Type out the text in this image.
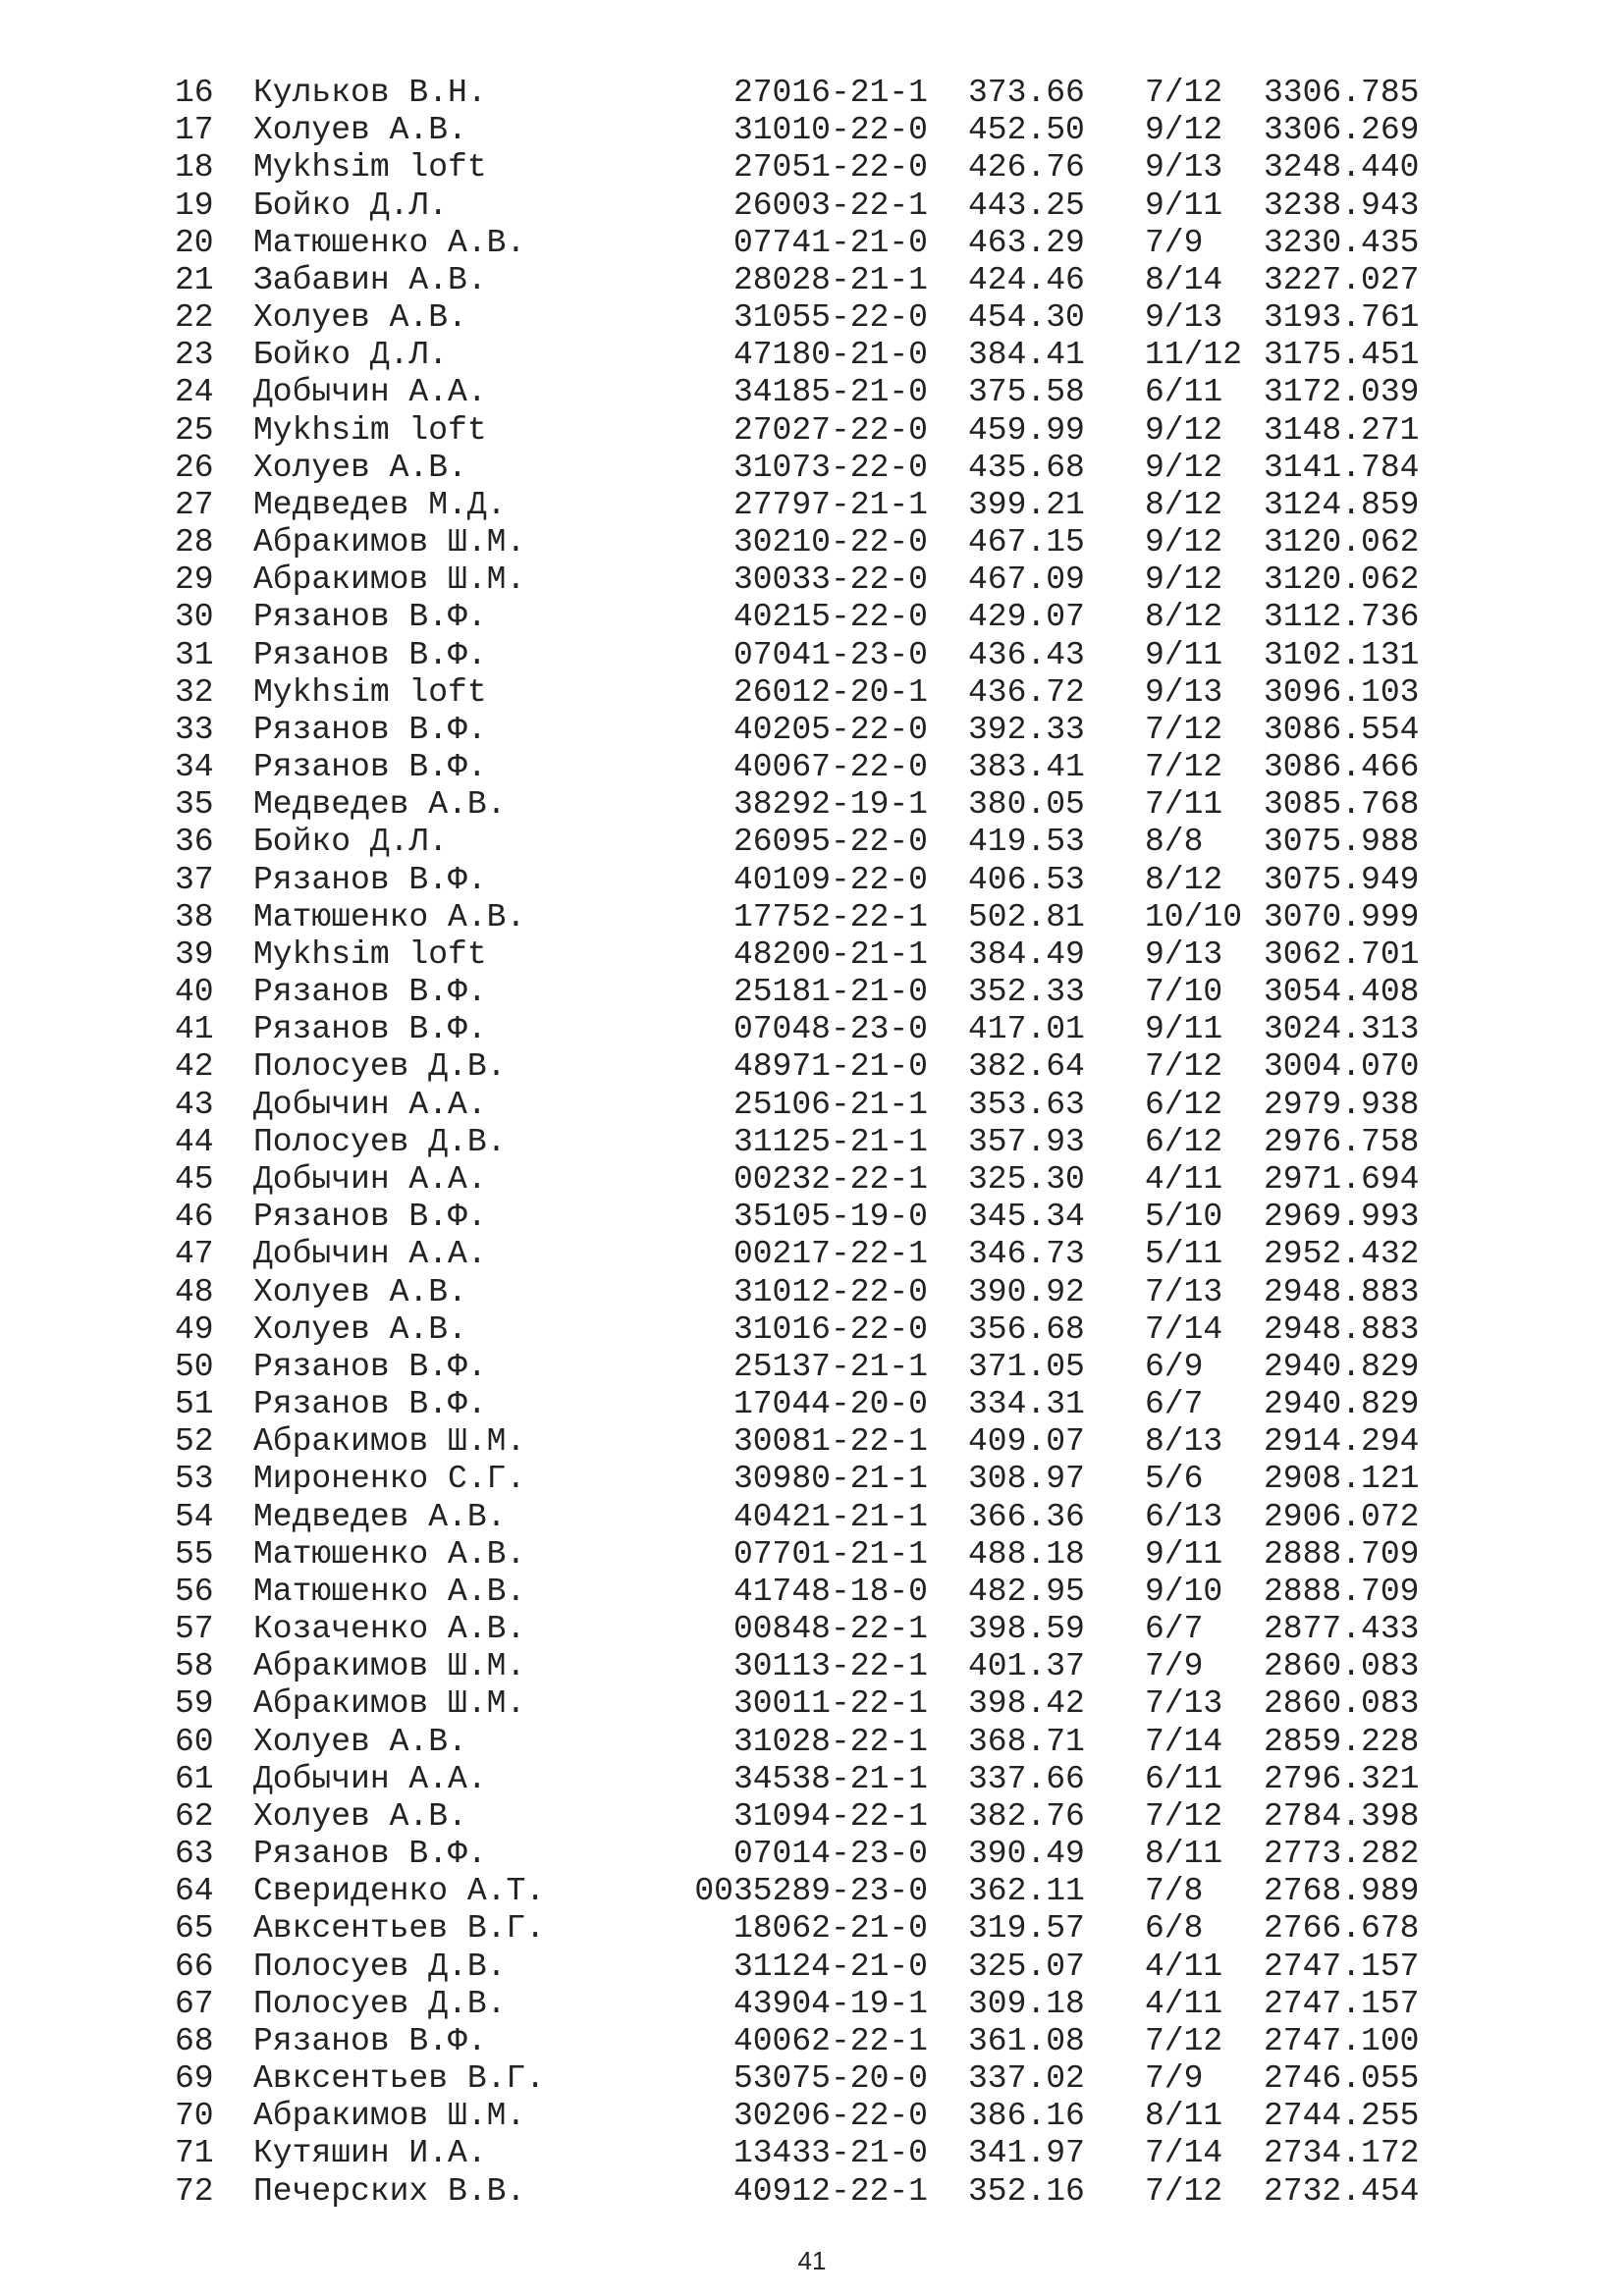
16 Кульков В.Н.	27016-21-1 373.66 7/12 3306.785
17 Холуев А.В.	31010-22-0 452.50 9/12 3306.269
18 Mykhsim loft	27051-22-0 426.76 9/13 3248.440
19 Бойко Д.Л.	26003-22-1 443.25 9/11 3238.943
20 Матюшенко А.В.	07741-21-0 463.29 7/9 3230.435
21 Забавин А.В.	28028-21-1 424.46 8/14 3227.027
22 Холуев А.В.	31055-22-0 454.30 9/13 3193.761
23 Бойко Д.Л.	47180-21-0 384.41 11/12 3175.451
24 Добычин А.А.	34185-21-0 375.58 6/11 3172.039
25 Mykhsim loft	27027-22-0 459.99 9/12 3148.271
26 Холуев А.В.	31073-22-0 435.68 9/12 3141.784
27 Медведев М.Д.	27797-21-1 399.21 8/12 3124.859
28 Абракимов Ш.М.	30210-22-0 467.15 9/12 3120.062
29 Абракимов Ш.М.	30033-22-0 467.09 9/12 3120.062
30 Рязанов В.Ф.	40215-22-0 429.07 8/12 3112.736
31 Рязанов В.Ф.	07041-23-0 436.43 9/11 3102.131
32 Mykhsim loft	26012-20-1 436.72 9/13 3096.103
33 Рязанов В.Ф.	40205-22-0 392.33 7/12 3086.554
34 Рязанов В.Ф.	40067-22-0 383.41 7/12 3086.466
35 Медведев А.В.	38292-19-1 380.05 7/11 3085.768
36 Бойко Д.Л.	26095-22-0 419.53 8/8 3075.988
37 Рязанов В.Ф.	40109-22-0 406.53 8/12 3075.949
38 Матюшенко А.В.	17752-22-1 502.81 10/10 3070.999
39 Mykhsim loft	48200-21-1 384.49 9/13 3062.701
40 Рязанов В.Ф.	25181-21-0 352.33 7/10 3054.408
41 Рязанов В.Ф.	07048-23-0 417.01 9/11 3024.313
42 Полосуев Д.В.	48971-21-0 382.64 7/12 3004.070
43 Добычин А.А.	25106-21-1 353.63 6/12 2979.938
44 Полосуев Д.В.	31125-21-1 357.93 6/12 2976.758
45 Добычин А.А.	00232-22-1 325.30 4/11 2971.694
46 Рязанов В.Ф.	35105-19-0 345.34 5/10 2969.993
47 Добычин А.А.	00217-22-1 346.73 5/11 2952.432
48 Холуев А.В.	31012-22-0 390.92 7/13 2948.883
49 Холуев А.В.	31016-22-0 356.68 7/14 2948.883
50 Рязанов В.Ф.	25137-21-1 371.05 6/9 2940.829
51 Рязанов В.Ф.	17044-20-0 334.31 6/7 2940.829
52 Абракимов Ш.М.	30081-22-1 409.07 8/13 2914.294
53 Мироненко С.Г.	30980-21-1 308.97 5/6 2908.121
54 Медведев А.В.	40421-21-1 366.36 6/13 2906.072
55 Матюшенко А.В.	07701-21-1 488.18 9/11 2888.709
56 Матюшенко А.В.	41748-18-0 482.95 9/10 2888.709
57 Козаченко А.В.	00848-22-1 398.59 6/7 2877.433
58 Абракимов Ш.М.	30113-22-1 401.37 7/9 2860.083
59 Абракимов Ш.М.	30011-22-1 398.42 7/13 2860.083
60 Холуев А.В.	31028-22-1 368.71 7/14 2859.228
61 Добычин А.А.	34538-21-1 337.66 6/11 2796.321
62 Холуев А.В.	31094-22-1 382.76 7/12 2784.398
63 Рязанов В.Ф.	07014-23-0 390.49 8/11 2773.282
64 Свериденко А.Т.	0035289-23-0 362.11 7/8 2768.989
65 Авксентьев В.Г.	18062-21-0 319.57 6/8 2766.678
66 Полосуев Д.В.	31124-21-0 325.07 4/11 2747.157
67 Полосуев Д.В.	43904-19-1 309.18 4/11 2747.157
68 Рязанов В.Ф.	40062-22-1 361.08 7/12 2747.100
69 Авксентьев В.Г.	53075-20-0 337.02 7/9 2746.055
70 Абракимов Ш.М.	30206-22-0 386.16 8/11 2744.255
71 Кутяшин И.А.	13433-21-0 341.97 7/14 2734.172
72 Печерских В.В.	40912-22-1 352.16 7/12 2732.454
41
